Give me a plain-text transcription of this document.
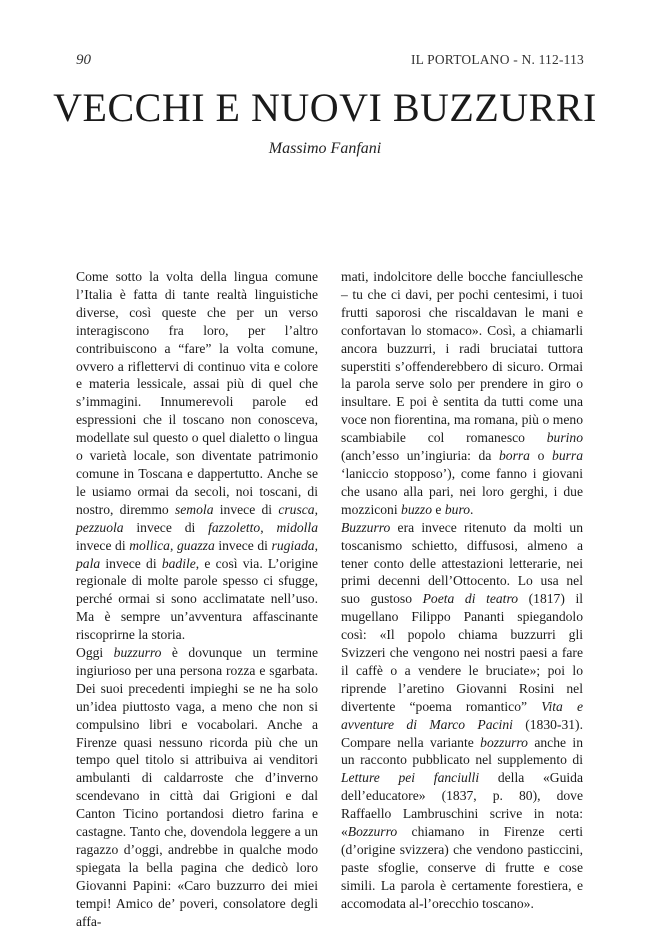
90	IL PORTOLANO - N. 112-113
VECCHI E NUOVI BUZZURRI
Massimo Fanfani

Come sotto la volta della lingua comune l’Italia è fatta di tante realtà linguistiche diverse, così queste che per un verso interagiscono fra loro, per l’altro contribuiscono a “fare” la volta comune, ovvero a riflettervi di continuo vita e colore e materia lessicale, assai più di quel che s’immagini. Innumerevoli parole ed espressioni che il toscano non conosceva, modellate sul questo o quel dialetto o lingua o varietà locale, son diventate patrimonio comune in Toscana e dappertutto. Anche se le usiamo ormai da secoli, noi toscani, di nostro, diremmo semola invece di crusca, pezzuola invece di fazzoletto, midolla invece di mollica, guazza invece di rugiada, pala invece di badile, e così via. L’origine regionale di molte parole spesso ci sfugge, perché ormai si sono acclimatate nell’uso. Ma è sempre un’avventura affascinante riscoprirne la storia.

Oggi buzzurro è dovunque un termine ingiurioso per una persona rozza e sgarbata. Dei suoi precedenti impieghi se ne ha solo un’idea piuttosto vaga, a meno che non si compulsino libri e vocabolari. Anche a Firenze quasi nessuno ricorda più che un tempo quel titolo si attribuiva ai venditori ambulanti di caldarroste che d’inverno scendevano in città dai Grigioni e dal Canton Ticino portandosi dietro farina e castagne. Tanto che, dovendola leggere a un ragazzo d’oggi, andrebbe in qualche modo spiegata la bella pagina che dedicò loro Giovanni Papini: «Caro buzzurro dei miei tempi! Amico de’ poveri, consolatore degli affa-

mati, indolcitore delle bocche fanciullesche – tu che ci davi, per pochi centesimi, i tuoi frutti saporosi che riscaldavan le mani e confortavan lo stomaco». Così, a chiamarli ancora buzzurri, i radi bruciatai tuttora superstiti s’offenderebbero di sicuro. Ormai la parola serve solo per prendere in giro o insultare. E poi è sentita da tutti come una voce non fiorentina, ma romana, più o meno scambiabile col romanesco burino (anch’esso un’ingiuria: da borra o burra ‘laniccio stopposo’), come fanno i giovani che usano alla pari, nei loro gerghi, i due mozziconi buzzo e buro.

Buzzurro era invece ritenuto da molti un toscanismo schietto, diffusosi, almeno a tener conto delle attestazioni letterarie, nei primi decenni dell’Ottocento. Lo usa nel suo gustoso Poeta di teatro (1817) il mugellano Filippo Pananti spiegandolo così: «Il popolo chiama buzzurri gli Svizzeri che vengono nei nostri paesi a fare il caffè o a vendere le bruciate»; poi lo riprende l’aretino Giovanni Rosini nel divertente “poema romantico” Vita e avventure di Marco Pacini (1830-31). Compare nella variante bozzurro anche in un racconto pubblicato nel supplemento di Letture pei fanciulli della «Guida dell’educatore» (1837, p. 80), dove Raffaello Lambruschini scrive in nota: «Bozzurro chiamano in Firenze certi (d’origine svizzera) che vendono pasticcini, paste sfoglie, conserve di frutte e cose simili. La parola è certamente forestiera, e accomodata al-l’orecchio toscano».
